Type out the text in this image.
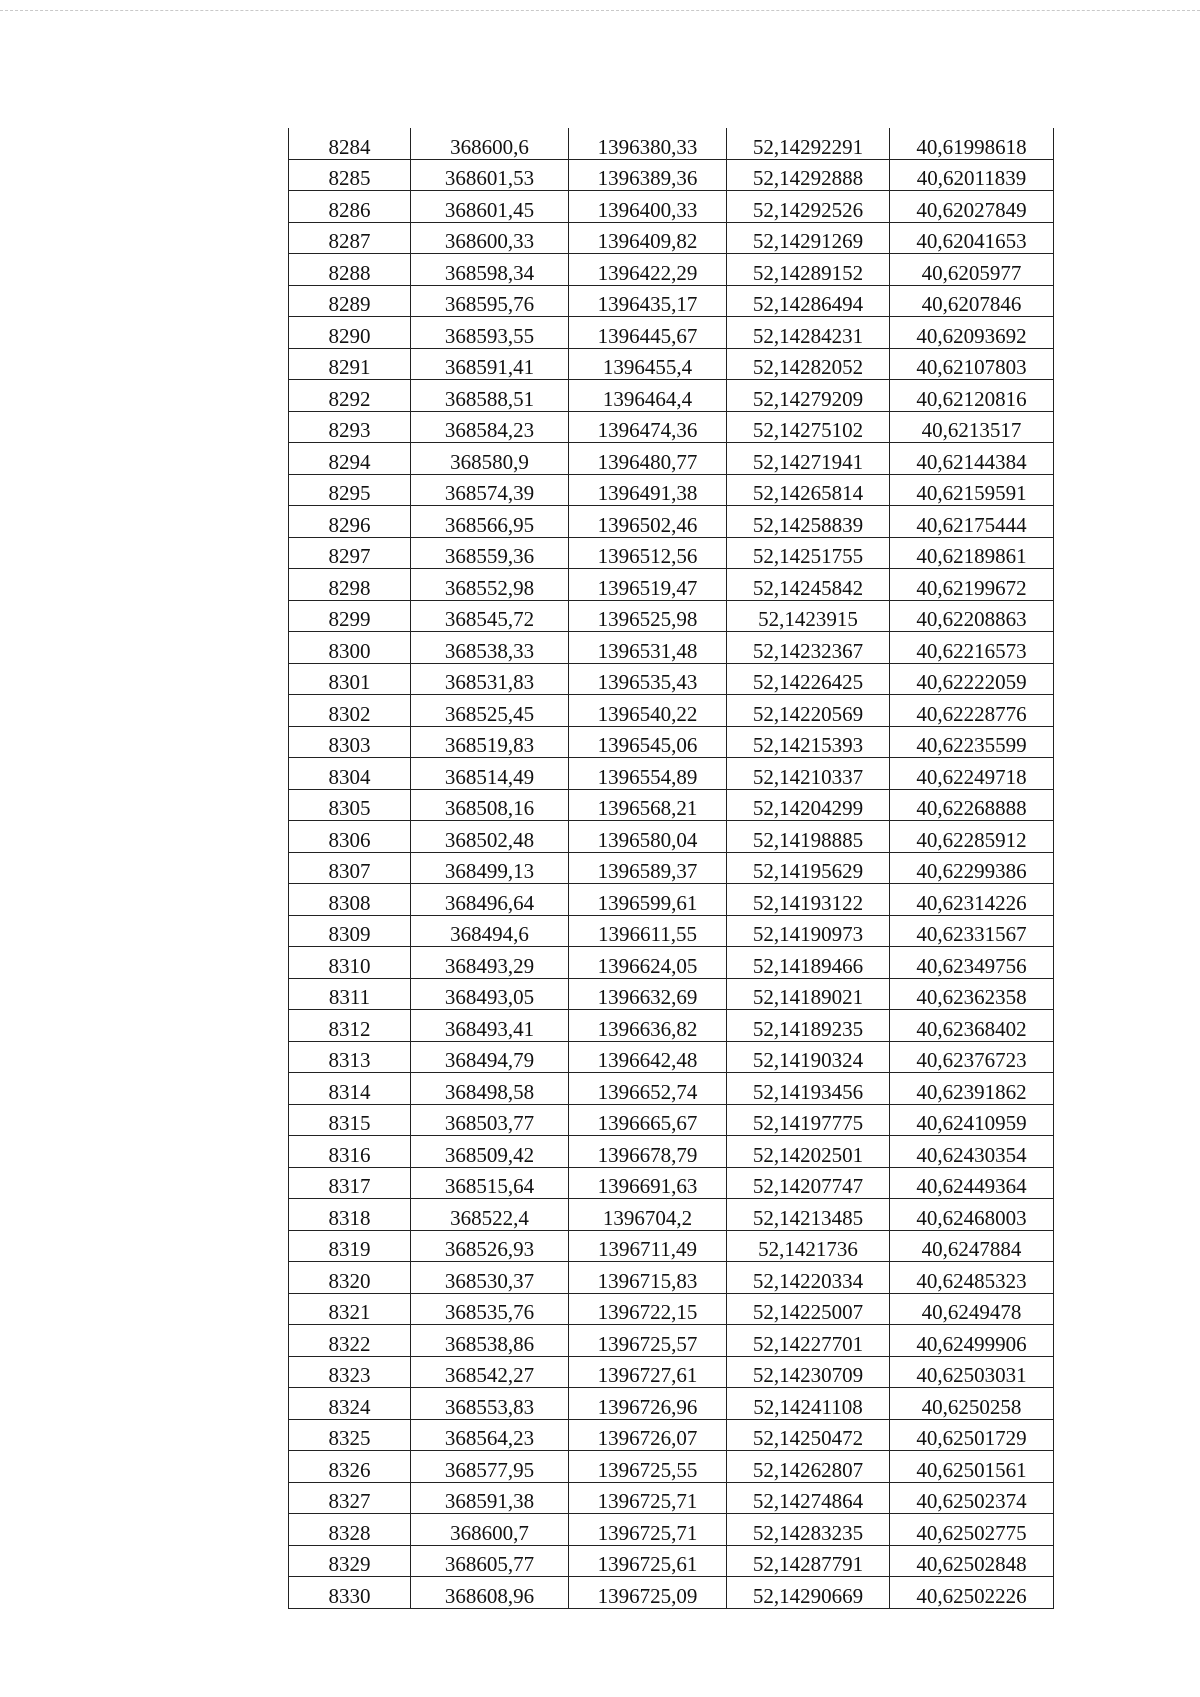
8284	368600,6	1396380,33	52,14292291	40,61998618
8285	368601,53	1396389,36	52,14292888	40,62011839
8286	368601,45	1396400,33	52,14292526	40,62027849
8287	368600,33	1396409,82	52,14291269	40,62041653
8288	368598,34	1396422,29	52,14289152	40,6205977
8289	368595,76	1396435,17	52,14286494	40,6207846
8290	368593,55	1396445,67	52,14284231	40,62093692
8291	368591,41	1396455,4	52,14282052	40,62107803
8292	368588,51	1396464,4	52,14279209	40,62120816
8293	368584,23	1396474,36	52,14275102	40,6213517
8294	368580,9	1396480,77	52,14271941	40,62144384
8295	368574,39	1396491,38	52,14265814	40,62159591
8296	368566,95	1396502,46	52,14258839	40,62175444
8297	368559,36	1396512,56	52,14251755	40,62189861
8298	368552,98	1396519,47	52,14245842	40,62199672
8299	368545,72	1396525,98	52,1423915	40,62208863
8300	368538,33	1396531,48	52,14232367	40,62216573
8301	368531,83	1396535,43	52,14226425	40,62222059
8302	368525,45	1396540,22	52,14220569	40,62228776
8303	368519,83	1396545,06	52,14215393	40,62235599
8304	368514,49	1396554,89	52,14210337	40,62249718
8305	368508,16	1396568,21	52,14204299	40,62268888
8306	368502,48	1396580,04	52,14198885	40,62285912
8307	368499,13	1396589,37	52,14195629	40,62299386
8308	368496,64	1396599,61	52,14193122	40,62314226
8309	368494,6	1396611,55	52,14190973	40,62331567
8310	368493,29	1396624,05	52,14189466	40,62349756
8311	368493,05	1396632,69	52,14189021	40,62362358
8312	368493,41	1396636,82	52,14189235	40,62368402
8313	368494,79	1396642,48	52,14190324	40,62376723
8314	368498,58	1396652,74	52,14193456	40,62391862
8315	368503,77	1396665,67	52,14197775	40,62410959
8316	368509,42	1396678,79	52,14202501	40,62430354
8317	368515,64	1396691,63	52,14207747	40,62449364
8318	368522,4	1396704,2	52,14213485	40,62468003
8319	368526,93	1396711,49	52,1421736	40,6247884
8320	368530,37	1396715,83	52,14220334	40,62485323
8321	368535,76	1396722,15	52,14225007	40,6249478
8322	368538,86	1396725,57	52,14227701	40,62499906
8323	368542,27	1396727,61	52,14230709	40,62503031
8324	368553,83	1396726,96	52,14241108	40,6250258
8325	368564,23	1396726,07	52,14250472	40,62501729
8326	368577,95	1396725,55	52,14262807	40,62501561
8327	368591,38	1396725,71	52,14274864	40,62502374
8328	368600,7	1396725,71	52,14283235	40,62502775
8329	368605,77	1396725,61	52,14287791	40,62502848
8330	368608,96	1396725,09	52,14290669	40,62502226
